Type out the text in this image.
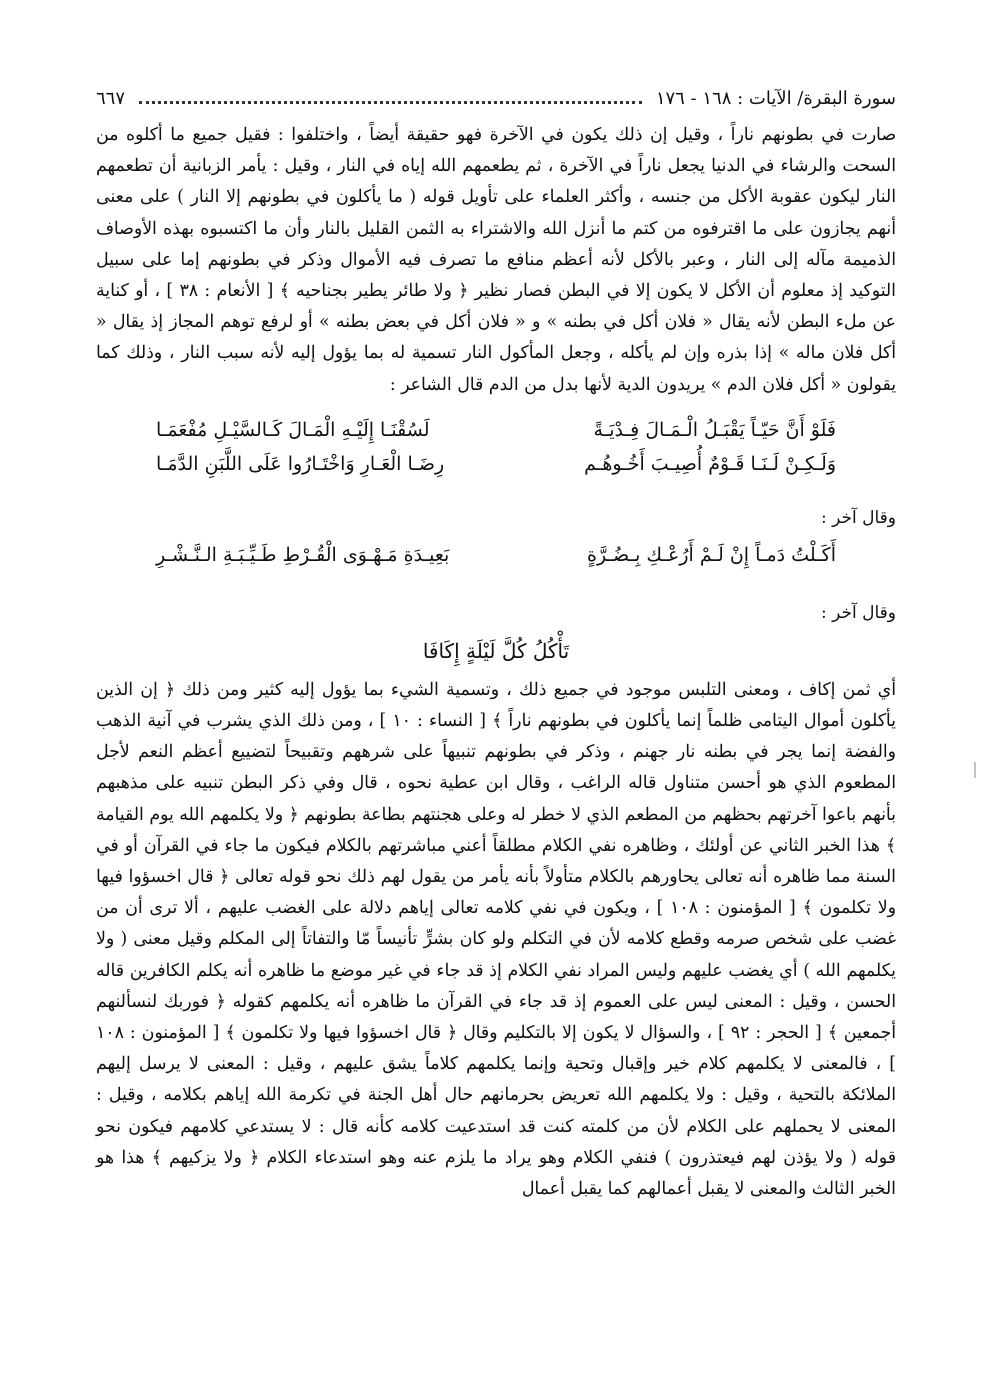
سورة البقرة/ الآيات : ١٦٨ - ١٧٦
٦٦٧

صارت في بطونهم ناراً ، وقيل إن ذلك يكون في الآخرة فهو حقيقة أيضاً ، واختلفوا : فقيل جميع ما أكلوه من السحت والرشاء في الدنيا يجعل ناراً في الآخرة ، ثم يطعمهم الله إياه في النار ، وقيل : يأمر الزبانية أن تطعمهم النار ليكون عقوبة الأكل من جنسه ، وأكثر العلماء على تأويل قوله ( ما يأكلون في بطونهم إلا النار ) على معنى أنهم يجازون على ما اقترفوه من كتم ما أنزل الله والاشتراء به الثمن القليل بالنار وأن ما اكتسبوه بهذه الأوصاف الذميمة مآله إلى النار ، وعبر بالأكل لأنه أعظم منافع ما تصرف فيه الأموال وذكر في بطونهم إما على سبيل التوكيد إذ معلوم أن الأكل لا يكون إلا في البطن فصار نظير ﴿ ولا طائر يطير بجناحيه ﴾ [ الأنعام : ٣٨ ] ، أو كناية عن ملء البطن لأنه يقال « فلان أكل في بطنه » و « فلان أكل في بعض بطنه » أو لرفع توهم المجاز إذ يقال « أكل فلان ماله » إذا بذره وإن لم يأكله ، وجعل المأكول النار تسمية له بما يؤول إليه لأنه سبب النار ، وذلك كما يقولون « أكل فلان الدم » يريدون الدية لأنها بدل من الدم قال الشاعر :

فَلَوْ أَنَّ حَيّـاً يَقْبَـلُ الْـمَـالَ فِـدْيَـةً
لَسُقْنَـا إِلَيْـهِ الْمَـالَ كَـالسَّيْـلِ مُفْعَمَـا
وَلَـكِـنْ لَـنَـا قَـوْمٌ أُصِيـبَ أَخُـوهُـم
رِضَـا الْعَـارِ وَاخْتَـارُوا عَلَى اللَّبَنِ الدَّمَـا

وقال آخر :

أَكَـلْتُ دَمـاً إِنْ لَـمْ أَرُعْـكِ بِـضُـرَّةٍ
بَعِيـدَةِ مَـهْـوَى الْقُـرْطِ طَـيِّـبَـةِ الـنَّـشْـرِ

وقال آخر :

تَأْكُلُ كُلَّ لَيْلَةٍ إِكَافَا

أي ثمن إكاف ، ومعنى التلبس موجود في جميع ذلك ، وتسمية الشيء بما يؤول إليه كثير ومن ذلك ﴿ إن الذين يأكلون أموال اليتامى ظلماً إنما يأكلون في بطونهم ناراً ﴾ [ النساء : ١٠ ] ، ومن ذلك الذي يشرب في آنية الذهب والفضة إنما يجر في بطنه نار جهنم ، وذكر في بطونهم تنبيهاً على شرههم وتقبيحاً لتضييع أعظم النعم لأجل المطعوم الذي هو أحسن متناول قاله الراغب ، وقال ابن عطية نحوه ، قال وفي ذكر البطن تنبيه على مذهبهم بأنهم باعوا آخرتهم بحظهم من المطعم الذي لا خطر له وعلى هجنتهم بطاعة بطونهم ﴿ ولا يكلمهم الله يوم القيامة ﴾ هذا الخبر الثاني عن أولئك ، وظاهره نفي الكلام مطلقاً أعني مباشرتهم بالكلام فيكون ما جاء في القرآن أو في السنة مما ظاهره أنه تعالى يحاورهم بالكلام متأولاً بأنه يأمر من يقول لهم ذلك نحو قوله تعالى ﴿ قال اخسؤوا فيها ولا تكلمون ﴾ [ المؤمنون : ١٠٨ ] ، ويكون في نفي كلامه تعالى إياهم دلالة على الغضب عليهم ، ألا ترى أن من غضب على شخص صرمه وقطع كلامه لأن في التكلم ولو كان بشرٍّ تأنيساً مّا والتفاتاً إلى المكلم وقيل معنى ( ولا يكلمهم الله ) أي يغضب عليهم وليس المراد نفي الكلام إذ قد جاء في غير موضع ما ظاهره أنه يكلم الكافرين قاله الحسن ، وقيل : المعنى ليس على العموم إذ قد جاء في القرآن ما ظاهره أنه يكلمهم كقوله ﴿ فوربك لنسألنهم أجمعين ﴾ [ الحجر : ٩٢ ] ، والسؤال لا يكون إلا بالتكليم وقال ﴿ قال اخسؤوا فيها ولا تكلمون ﴾ [ المؤمنون : ١٠٨ ] ، فالمعنى لا يكلمهم كلام خير وإقبال وتحية وإنما يكلمهم كلاماً يشق عليهم ، وقيل : المعنى لا يرسل إليهم الملائكة بالتحية ، وقيل : ولا يكلمهم الله تعريض بحرمانهم حال أهل الجنة في تكرمة الله إياهم بكلامه ، وقيل : المعنى لا يحملهم على الكلام لأن من كلمته كنت قد استدعيت كلامه كأنه قال : لا يستدعي كلامهم فيكون نحو قوله ( ولا يؤذن لهم فيعتذرون ) فنفي الكلام وهو يراد ما يلزم عنه وهو استدعاء الكلام ﴿ ولا يزكيهم ﴾ هذا هو الخبر الثالث والمعنى لا يقبل أعمالهم كما يقبل أعمال
